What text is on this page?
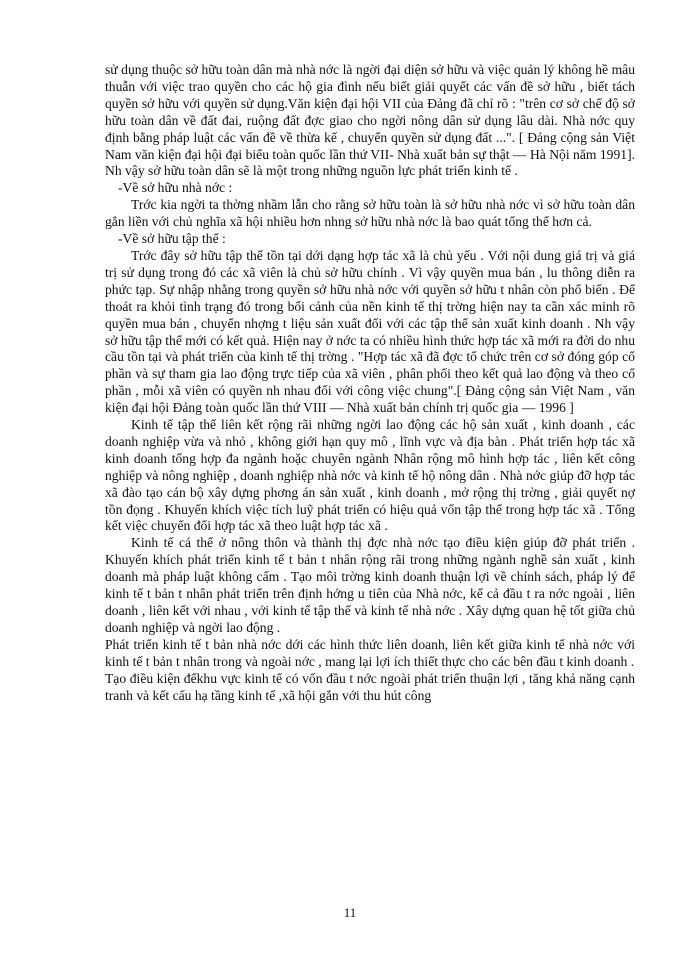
sử dụng thuộc sở hữu toàn dân mà nhà nớc là ngời đại diện sở hữu và việc quản lý không hề mâu thuẫn với việc trao quyền cho các hộ gia đình nếu biết giải quyết các vấn đề sở hữu , biết tách quyền sở hữu với quyền sử dụng.Văn kiện đại hội VII của Đảng đã chỉ rõ : "trên cơ sở chế độ sở hữu toàn dân về đất đai, ruộng đất đợc giao cho ngời nông dân sử dụng lâu dài. Nhà nớc quy định bằng pháp luật các vấn đề về thừa kế , chuyển quyền sử dụng đất ...". [ Đảng cộng sản Việt Nam văn kiện đại hội đại biểu toàn quốc lần thứ VII- Nhà xuất bản sự thật — Hà Nội năm 1991]. Nh vậy sở hữu toàn dân sẽ là một trong những nguồn lực phát triển kinh tế .

-Về sở hữu nhà nớc :

Trớc kia ngời ta thờng nhầm lẫn cho rằng sở hữu toàn là sở hữu nhà nớc vì sở hữu toàn dân gắn liền với chủ nghĩa xã hội nhiều hơn nhng sở hữu nhà nớc là bao quát tổng thể hơn cả.

-Về sở hữu tập thể :

Trớc đây sở hữu tập thể tồn tại dới dạng hợp tác xã là chủ yếu . Với nội dung giá trị và giá trị sử dụng trong đó các xã viên là chủ sở hữu chính . Vì vậy quyền mua bán , lu thông diễn ra phức tạp. Sự nhập nhằng trong quyền sở hữu nhà nớc với quyền sở hữu t nhân còn phổ biến . Để thoát ra khỏi tình trạng đó trong bối cảnh của nền kinh tế thị trờng hiện nay ta cần xác minh rõ quyền mua bán , chuyển nhợng t liệu sản xuất đối với các tập thể sản xuất kinh doanh . Nh vậy sở hữu tập thể mới có kết quả. Hiện nay ở nớc ta có nhiều hình thức hợp tác xã mới ra đời do nhu cầu tồn tại và phát triển của kinh tế thị trờng . "Hợp tác xã đã đợc tổ chức trên cơ sở đóng góp cổ phần và sự tham gia lao động trực tiếp của xã viên , phân phối theo kết quả lao động và theo cổ phần , mỗi xã viên có quyền nh nhau đối với công việc chung".[ Đảng cộng sản Việt Nam , văn kiện đại hội Đảng toàn quốc lần thứ VIII — Nhà xuất bản chính trị quốc gia — 1996 ]

Kinh tế tập thể liên kết rộng rãi những ngời lao động các hộ sản xuất , kinh doanh , các doanh nghiệp vừa và nhỏ , không giới hạn quy mô , lĩnh vực và địa bàn . Phát triển hợp tác xã kinh doanh tổng hợp đa ngành hoặc chuyên ngành Nhân rộng mô hình hợp tác , liên kết công nghiệp và nông nghiệp , doanh nghiệp nhà nớc và kinh tế hộ nông dân . Nhà nớc giúp đỡ hợp tác xã đào tạo cán bộ xây dựng phơng án sản xuất , kinh doanh , mở rộng thị trờng , giải quyết nợ tồn đọng . Khuyến khích việc tích luỹ phát triển có hiệu quả vốn tập thể trong hợp tác xã . Tổng kết việc chuyển đổi hợp tác xã theo luật hợp tác xã .

Kinh tế cá thể ở nông thôn và thành thị đợc nhà nớc tạo điều kiện giúp đỡ phát triển . Khuyến khích phát triển kinh tế t bản t nhân rộng rãi trong những ngành nghề sản xuất , kinh doanh mà pháp luật không cấm . Tạo môi trờng kinh doanh thuận lợi về chính sách, pháp lý để kinh tế t bản t nhân phát triển trên định hớng u tiên của Nhà nớc, kể cả đầu t ra nớc ngoài , liên doanh , liên kết với nhau , với kinh tế tập thể và kinh tế nhà nớc . Xây dựng quan hệ tốt giữa chủ doanh nghiệp và ngời lao động .

Phát triển kinh tế t bản nhà nớc dới các hình thức liên doanh, liên kết giữa kinh tế nhà nớc với kinh tế t bản t nhân trong và ngoài nớc , mang lại lợi ích thiết thực cho các bên đầu t kinh doanh .

Tạo điều kiện đểkhu vực kinh tế có vốn đầu t nớc ngoài phát triển thuận lợi , tăng khả năng cạnh tranh và kết cấu hạ tầng kinh tế ,xã hội gắn với thu hút công

11
